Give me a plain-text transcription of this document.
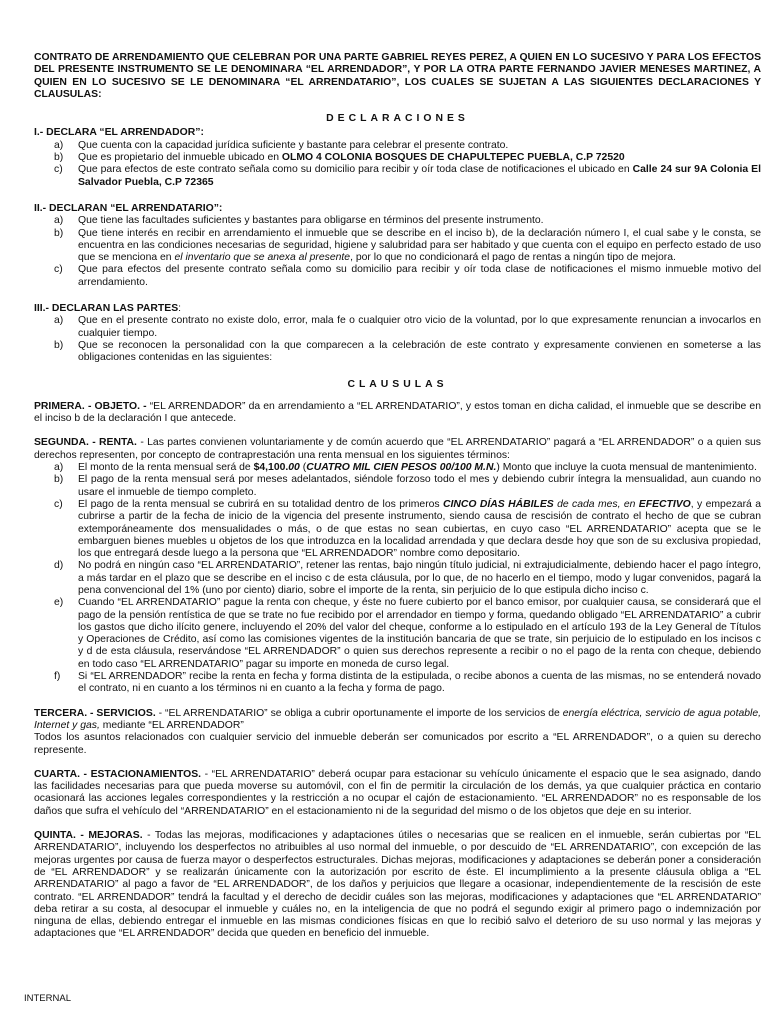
CONTRATO DE ARRENDAMIENTO QUE CELEBRAN POR UNA PARTE GABRIEL REYES PEREZ, A QUIEN EN LO SUCESIVO Y PARA LOS EFECTOS DEL PRESENTE INSTRUMENTO SE LE DENOMINARA “EL ARRENDADOR”, Y POR LA OTRA PARTE FERNANDO JAVIER MENESES MARTINEZ, A QUIEN EN LO SUCESIVO SE LE DENOMINARA “EL ARRENDATARIO”, LOS CUALES SE SUJETAN A LAS SIGUIENTES DECLARACIONES Y CLAUSULAS:

DECLARACIONES

I.- DECLARA “EL ARRENDADOR”:

a)	Que cuenta con la capacidad jurídica suficiente y bastante para celebrar el presente contrato.
b)	Que es propietario del inmueble ubicado en OLMO 4 COLONIA BOSQUES DE CHAPULTEPEC PUEBLA, C.P 72520
c)	Que para efectos de este contrato señala como su domicilio para recibir y oír toda clase de notificaciones el ubicado en Calle 24 sur 9A Colonia El Salvador Puebla, C.P 72365

II.- DECLARAN “EL ARRENDATARIO”:

a)	Que tiene las facultades suficientes y bastantes para obligarse en términos del presente instrumento.
b)	Que tiene interés en recibir en arrendamiento el inmueble que se describe en el inciso b), de la declaración número I, el cual sabe y le consta, se encuentra en las condiciones necesarias de seguridad, higiene y salubridad para ser habitado y que cuenta con el equipo en perfecto estado de uso que se menciona en el inventario que se anexa al presente, por lo que no condicionará el pago de rentas a ningún tipo de mejora.
c)	Que para efectos del presente contrato señala como su domicilio para recibir y oír toda clase de notificaciones el mismo inmueble motivo del arrendamiento.

III.- DECLARAN LAS PARTES:

a)	Que en el presente contrato no existe dolo, error, mala fe o cualquier otro vicio de la voluntad, por lo que expresamente renuncian a invocarlos en cualquier tiempo.
b)	Que se reconocen la personalidad con la que comparecen a la celebración de este contrato y expresamente convienen en someterse a las obligaciones contenidas en las siguientes:

CLAUSULAS

PRIMERA. - OBJETO. - “EL ARRENDADOR” da en arrendamiento a “EL ARRENDATARIO”, y estos toman en dicha calidad, el inmueble que se describe en el inciso b de la declaración I que antecede.

SEGUNDA. - RENTA. - Las partes convienen voluntariamente y de común acuerdo que “EL ARRENDATARIO” pagará a “EL ARRENDADOR” o a quien sus derechos representen, por concepto de contraprestación una renta mensual en los siguientes términos:

a)	El monto de la renta mensual será de $4,100.00 (CUATRO MIL CIEN PESOS 00/100 M.N.) Monto que incluye la cuota mensual de mantenimiento.
b)	El pago de la renta mensual será por meses adelantados, siéndole forzoso todo el mes y debiendo cubrir íntegra la mensualidad, aun cuando no usare el inmueble de tiempo completo.
c)	El pago de la renta mensual se cubrirá en su totalidad dentro de los primeros CINCO DÍAS HÁBILES de cada mes, en EFECTIVO, y empezará a cubrirse a partir de la fecha de inicio de la vigencia del presente instrumento, siendo causa de rescisión de contrato el hecho de que se cubran extemporáneamente dos mensualidades o más, o de que estas no sean cubiertas, en cuyo caso “EL ARRENDATARIO” acepta que se le embarguen bienes muebles u objetos de los que introduzca en la localidad arrendada y que declara desde hoy que son de su exclusiva propiedad, los que entregará desde luego a la persona que “EL ARRENDADOR” nombre como depositario.
d)	No podrá en ningún caso “EL ARRENDATARIO”, retener las rentas, bajo ningún título judicial, ni extrajudicialmente, debiendo hacer el pago íntegro, a más tardar en el plazo que se describe en el inciso c de esta cláusula, por lo que, de no hacerlo en el tiempo, modo y lugar convenidos, pagará la pena convencional del 1% (uno por ciento) diario, sobre el importe de la renta, sin perjuicio de lo que estipula dicho inciso c.
e)	Cuando “EL ARRENDATARIO” pague la renta con cheque, y éste no fuere cubierto por el banco emisor, por cualquier causa, se considerará que el pago de la pensión rentística de que se trate no fue recibido por el arrendador en tiempo y forma, quedando obligado “EL ARRENDATARIO” a cubrir los gastos que dicho ilícito genere, incluyendo el 20% del valor del cheque, conforme a lo estipulado en el artículo 193 de la Ley General de Títulos y Operaciones de Crédito, así como las comisiones vigentes de la institución bancaria de que se trate, sin perjuicio de lo estipulado en los incisos c y d de esta cláusula, reservándose “EL ARRENDADOR” o quien sus derechos represente a recibir o no el pago de la renta con cheque, debiendo en todo caso “EL ARRENDATARIO” pagar su importe en moneda de curso legal.
f)	Si “EL ARRENDADOR” recibe la renta en fecha y forma distinta de la estipulada, o recibe abonos a cuenta de las mismas, no se entenderá novado el contrato, ni en cuanto a los términos ni en cuanto a la fecha y forma de pago.

TERCERA. - SERVICIOS. - “EL ARRENDATARIO” se obliga a cubrir oportunamente el importe de los servicios de energía eléctrica, servicio de agua potable, Internet y gas, mediante “EL ARRENDADOR”

Todos los asuntos relacionados con cualquier servicio del inmueble deberán ser comunicados por escrito a “EL ARRENDADOR”, o a quien su derecho represente.

CUARTA. - ESTACIONAMIENTOS. - “EL ARRENDATARIO” deberá ocupar para estacionar su vehículo únicamente el espacio que le sea asignado, dando las facilidades necesarias para que pueda moverse su automóvil, con el fin de permitir la circulación de los demás, ya que cualquier práctica en contario ocasionará las acciones legales correspondientes y la restricción a no ocupar el cajón de estacionamiento. “EL ARRENDADOR” no es responsable de los daños que sufra el vehículo del “ARRENDATARIO” en el estacionamiento ni de la seguridad del mismo o de los objetos que deje en su interior.

QUINTA. - MEJORAS. - Todas las mejoras, modificaciones y adaptaciones útiles o necesarias que se realicen en el inmueble, serán cubiertas por “EL ARRENDATARIO”, incluyendo los desperfectos no atribuibles al uso normal del inmueble, o por descuido de “EL ARRENDATARIO”, con excepción de las mejoras urgentes por causa de fuerza mayor o desperfectos estructurales. Dichas mejoras, modificaciones y adaptaciones se deberán poner a consideración de “EL ARRENDADOR” y se realizarán únicamente con la autorización por escrito de éste. El incumplimiento a la presente cláusula obliga a “EL ARRENDATARIO” al pago a favor de “EL ARRENDADOR”, de los daños y perjuicios que llegare a ocasionar, independientemente de la rescisión de este contrato. “EL ARRENDADOR” tendrá la facultad y el derecho de decidir cuáles son las mejoras, modificaciones y adaptaciones que “EL ARRENDATARIO” deba retirar a su costa, al desocupar el inmueble y cuáles no, en la inteligencia de que no podrá el segundo exigir al primero pago o indemnización por ninguna de ellas, debiendo entregar el inmueble en las mismas condiciones físicas en que lo recibió salvo el deterioro de su uso normal y las mejoras y adaptaciones que “EL ARRENDADOR” decida que queden en beneficio del inmueble.

INTERNAL
